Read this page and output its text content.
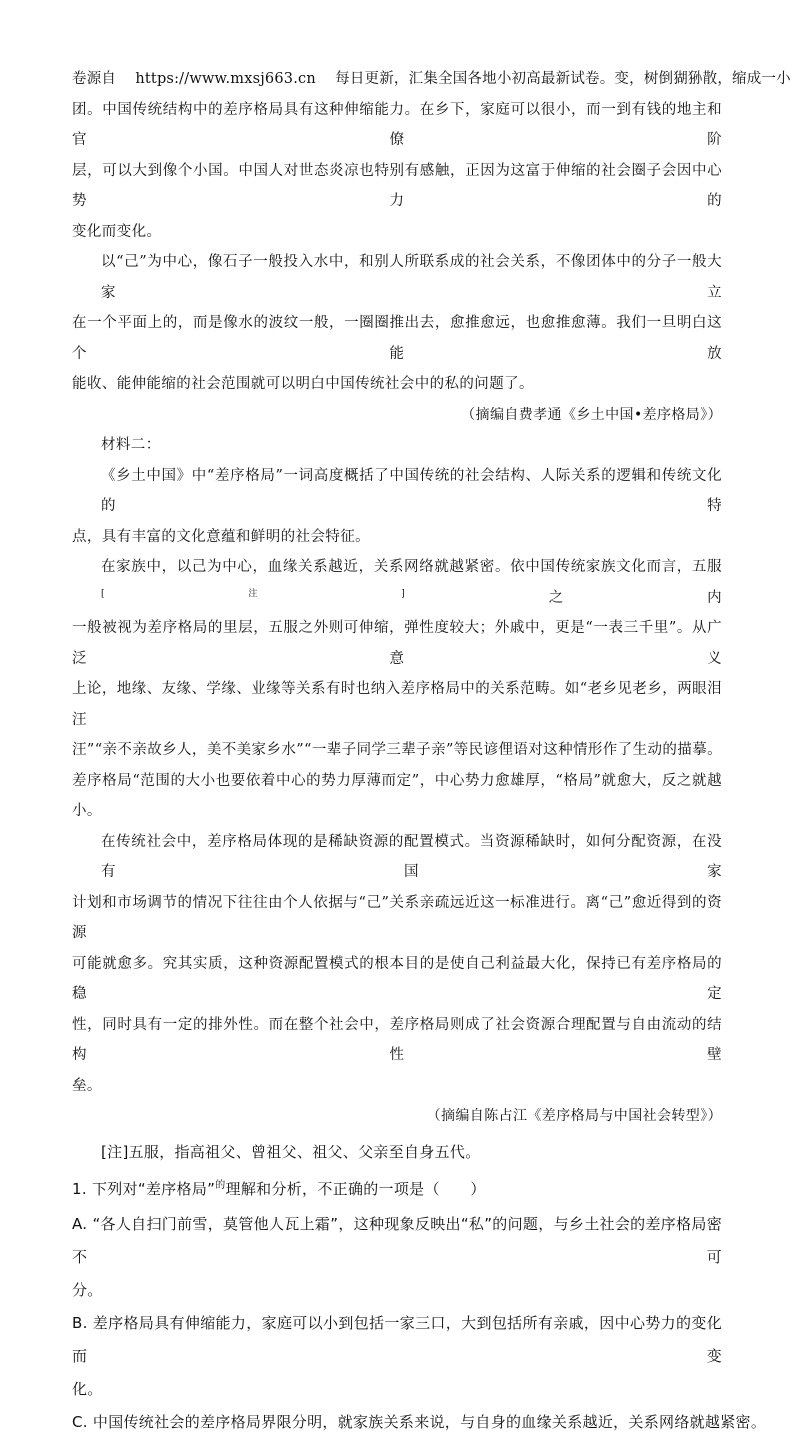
卷源自 https://www.mxsj663.cn 每日更新，汇集全国各地小初高最新试卷。变，树倒猢狲散，缩成一小
团。中国传统结构中的差序格局具有这种伸缩能力。在乡下，家庭可以很小，而一到有钱的地主和官僚阶
层，可以大到像个小国。中国人对世态炎凉也特别有感触，正因为这富于伸缩的社会圈子会因中心势力的
变化而变化。
以“己”为中心，像石子一般投入水中，和别人所联系成的社会关系，不像团体中的分子一般大家立
在一个平面上的，而是像水的波纹一般，一圈圈推出去，愈推愈远，也愈推愈薄。我们一旦明白这个能放
能收、能伸能缩的社会范围就可以明白中国传统社会中的私的问题了。
（摘编自费孝通《乡土中国•差序格局》）
材料二：
《乡土中国》中“差序格局”一词高度概括了中国传统的社会结构、人际关系的逻辑和传统文化的特
点，具有丰富的文化意蕴和鲜明的社会特征。
在家族中，以己为中心，血缘关系越近，关系网络就越紧密。依中国传统家族文化而言，五服[注]之内
一般被视为差序格局的里层，五服之外则可伸缩，弹性度较大；外戚中，更是“一表三千里”。从广泛意义
上论，地缘、友缘、学缘、业缘等关系有时也纳入差序格局中的关系范畴。如“老乡见老乡，两眼泪汪
汪”“亲不亲故乡人，美不美家乡水”“一辈子同学三辈子亲”等民谚俚语对这种情形作了生动的描摹。
差序格局“范围的大小也要依着中心的势力厚薄而定”，中心势力愈雄厚，“格局”就愈大，反之就越
小。
在传统社会中，差序格局体现的是稀缺资源的配置模式。当资源稀缺时，如何分配资源，在没有国家
计划和市场调节的情况下往往由个人依据与“己”关系亲疏远近这一标准进行。离“己”愈近得到的资源
可能就愈多。究其实质，这种资源配置模式的根本目的是使自己利益最大化，保持已有差序格局的稳定
性，同时具有一定的排外性。而在整个社会中，差序格局则成了社会资源合理配置与自由流动的结构性壁
垒。
（摘编自陈占江《差序格局与中国社会转型》）
[注]五服，指高祖父、曾祖父、祖父、父亲至自身五代。
1. 下列对“差序格局”$^的$理解和分析，不正确的一项是（　　）
A. “各人自扫门前雪，莫管他人瓦上霜”，这种现象反映出“私”的问题，与乡土社会的差序格局密不可
分。
B. 差序格局具有伸缩能力，家庭可以小到包括一家三口，大到包括所有亲戚，因中心势力的变化而变
化。
C. 中国传统社会的差序格局界限分明，就家族关系来说，与自身的血缘关系越近，关系网络就越紧密。
